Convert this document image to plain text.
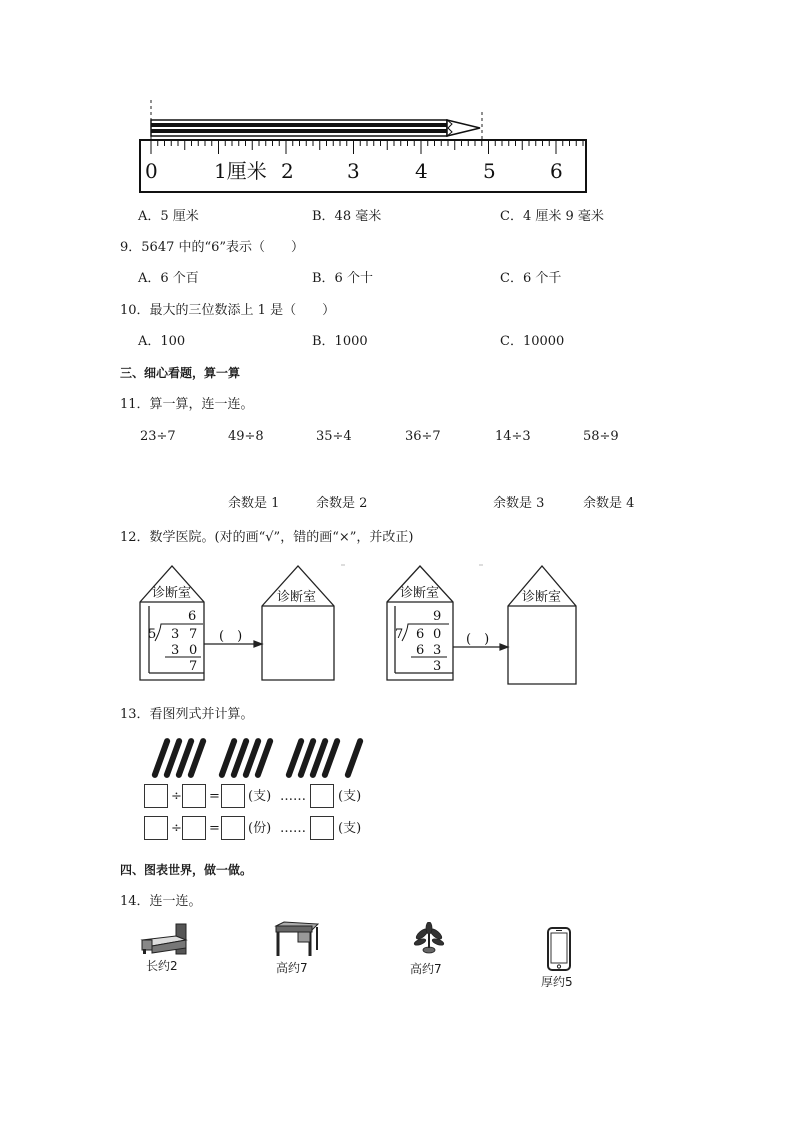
0	1厘米 2	3	4	5	6
A．5 厘米	B．48 毫米	C．4 厘米 9 毫米
9．5647 中的“6”表示（　　）
A．6 个百	B．6 个十	C．6 个千
10．最大的三位数添上 1 是（　　）
A．100	B．1000	C．10000
三、细心看题，算一算
11．算一算，连一连。
23÷7	49÷8	35÷4	36÷7	14÷3	58÷9
余数是 1	余数是 2	余数是 3	余数是 4
12．数学医院。(对的画“√”，错的画“×”，并改正)
诊断室	诊断室	诊断室	诊断室
(　)	(　)
6
5 3 7
3 0
7
9
7 6 0
6 3
3
13．看图列式并计算。
÷ = (支) …… (支)
÷ = (份) …… (支)
四、图表世界，做一做。
14．连一连。
长约2	高约7	高约7
厚约5
